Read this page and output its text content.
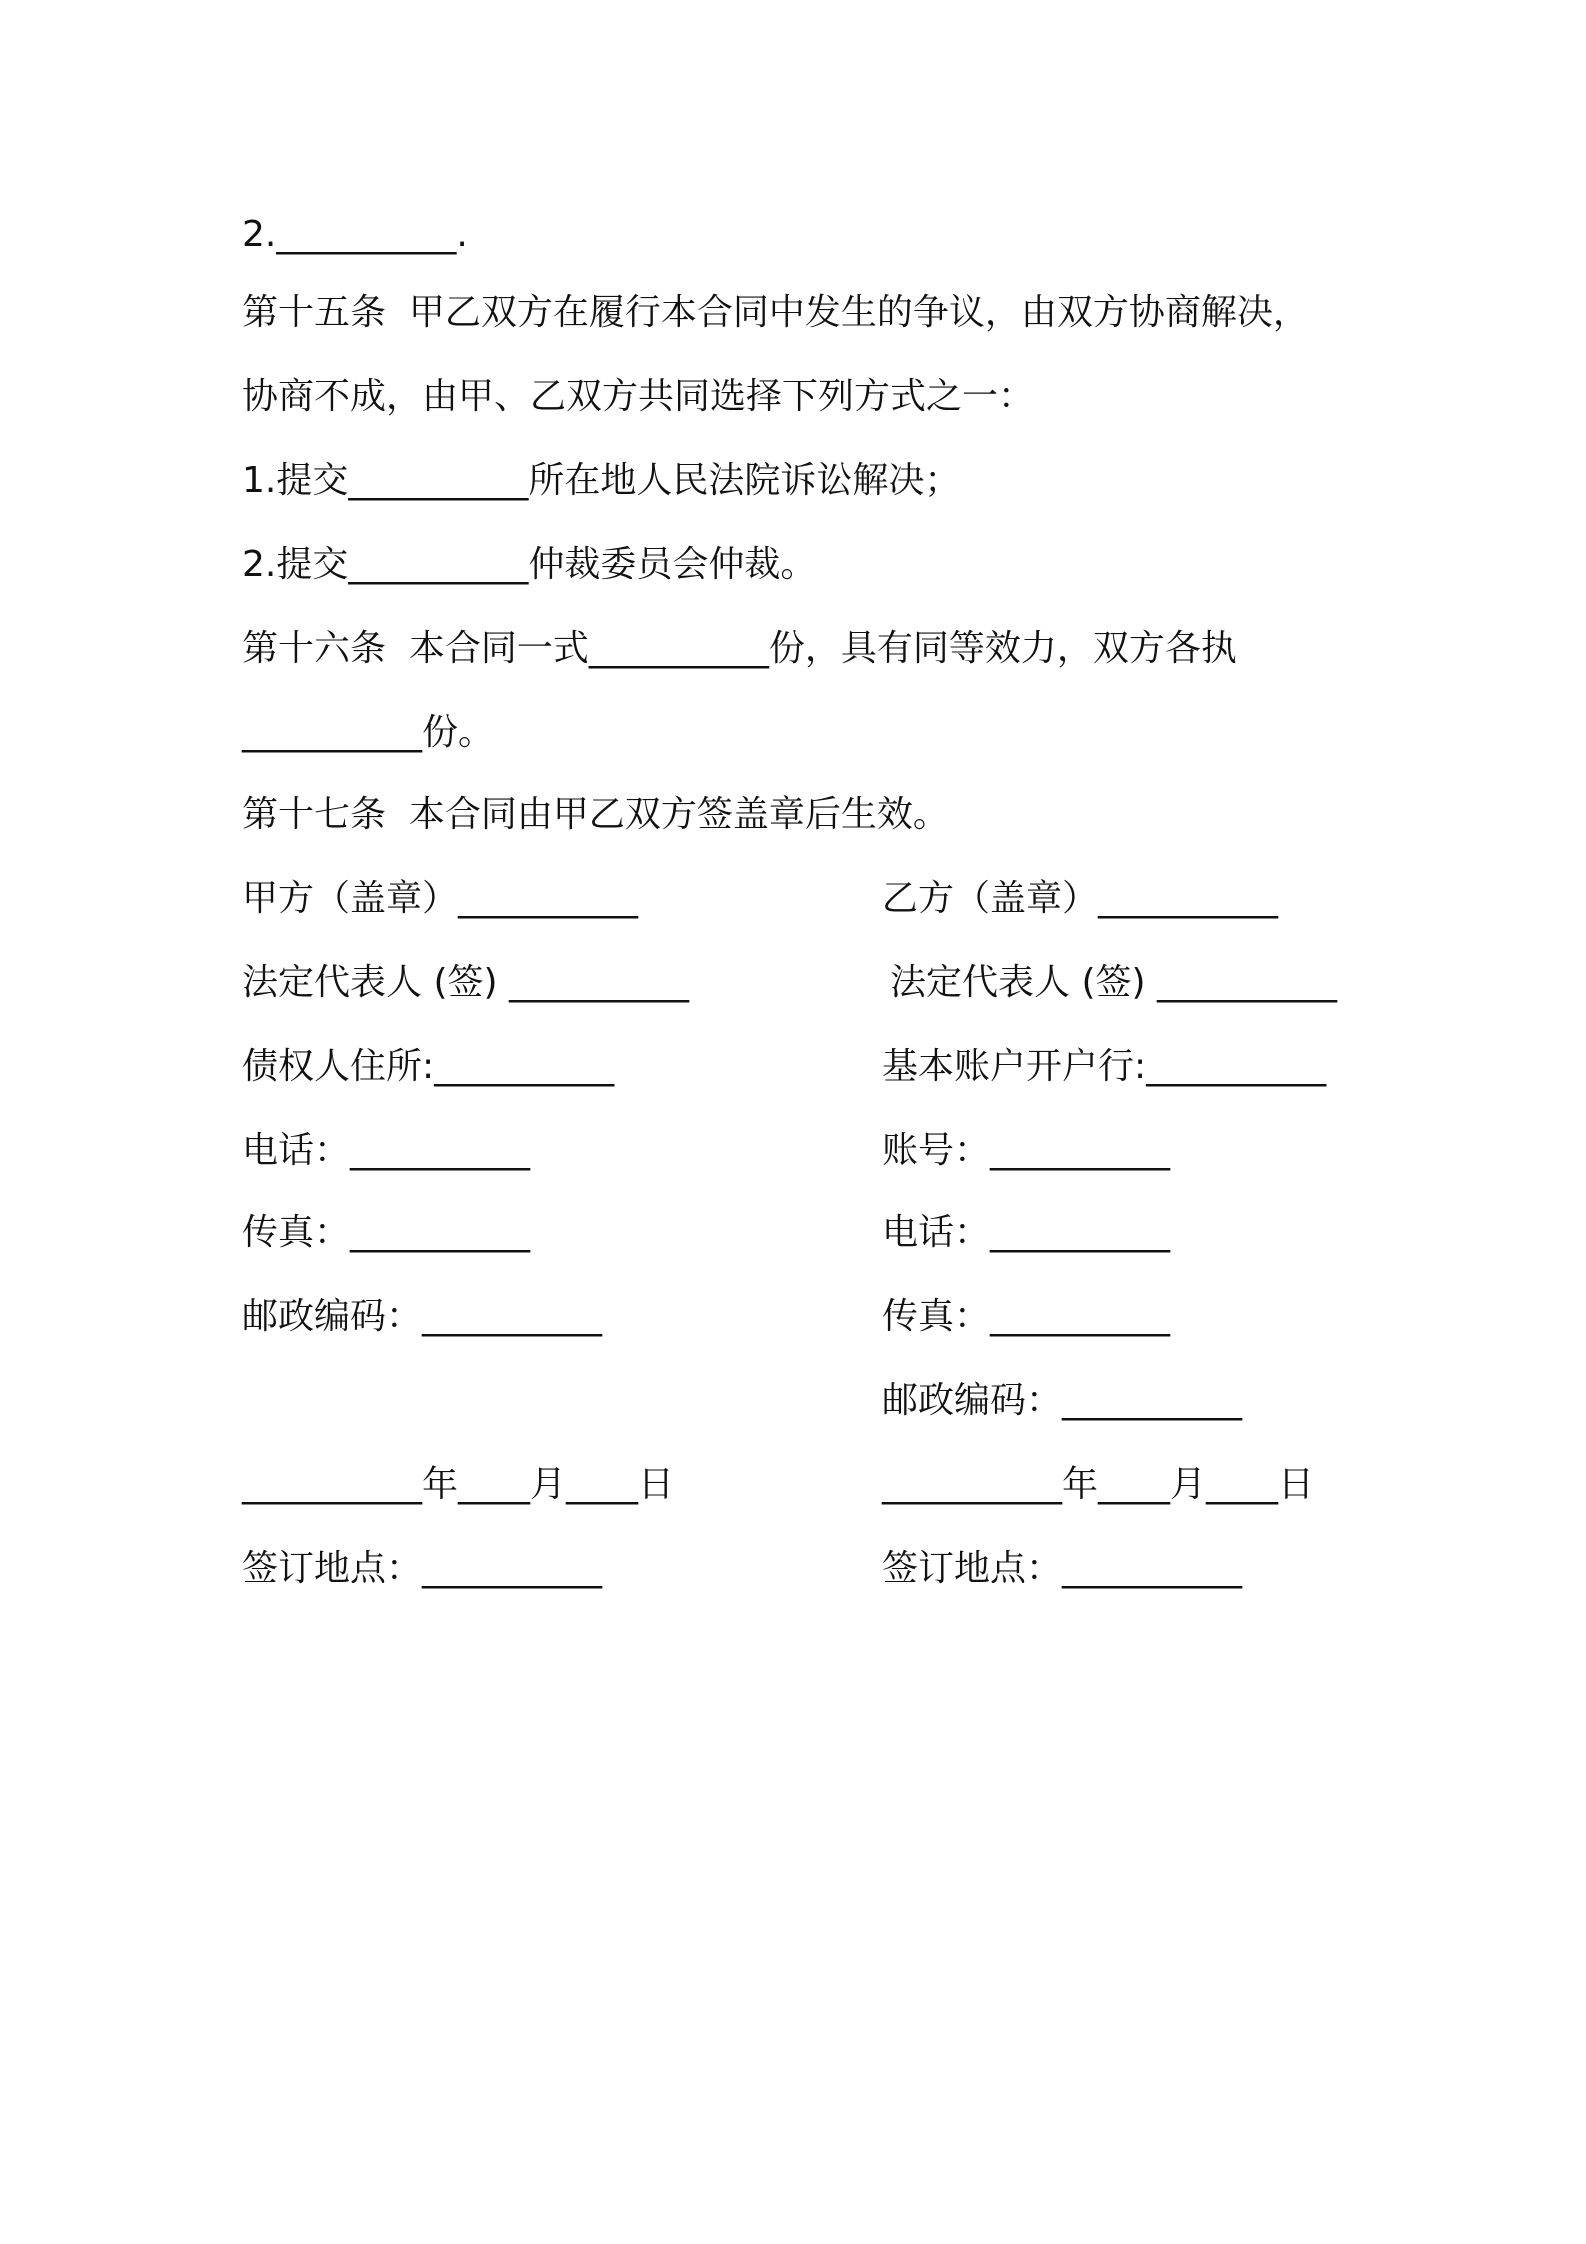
2.__________.
第十五条  甲乙双方在履行本合同中发生的争议，由双方协商解决，
协商不成，由甲、乙双方共同选择下列方式之一：
1.提交__________所在地人民法院诉讼解决；
2.提交__________仲裁委员会仲裁。
第十六条  本合同一式__________份，具有同等效力，双方各执
__________份。
第十七条  本合同由甲乙双方签盖章后生效。
甲方（盖章）__________
法定代表人 (签) __________
债权人住所:__________
电话：__________
传真：__________
邮政编码：__________
__________年____月____日
签订地点：__________
乙方（盖章）__________
法定代表人 (签) __________
基本账户开户行:__________
账号：__________
电话：__________
传真：__________
邮政编码：__________
__________年____月____日
签订地点：__________
